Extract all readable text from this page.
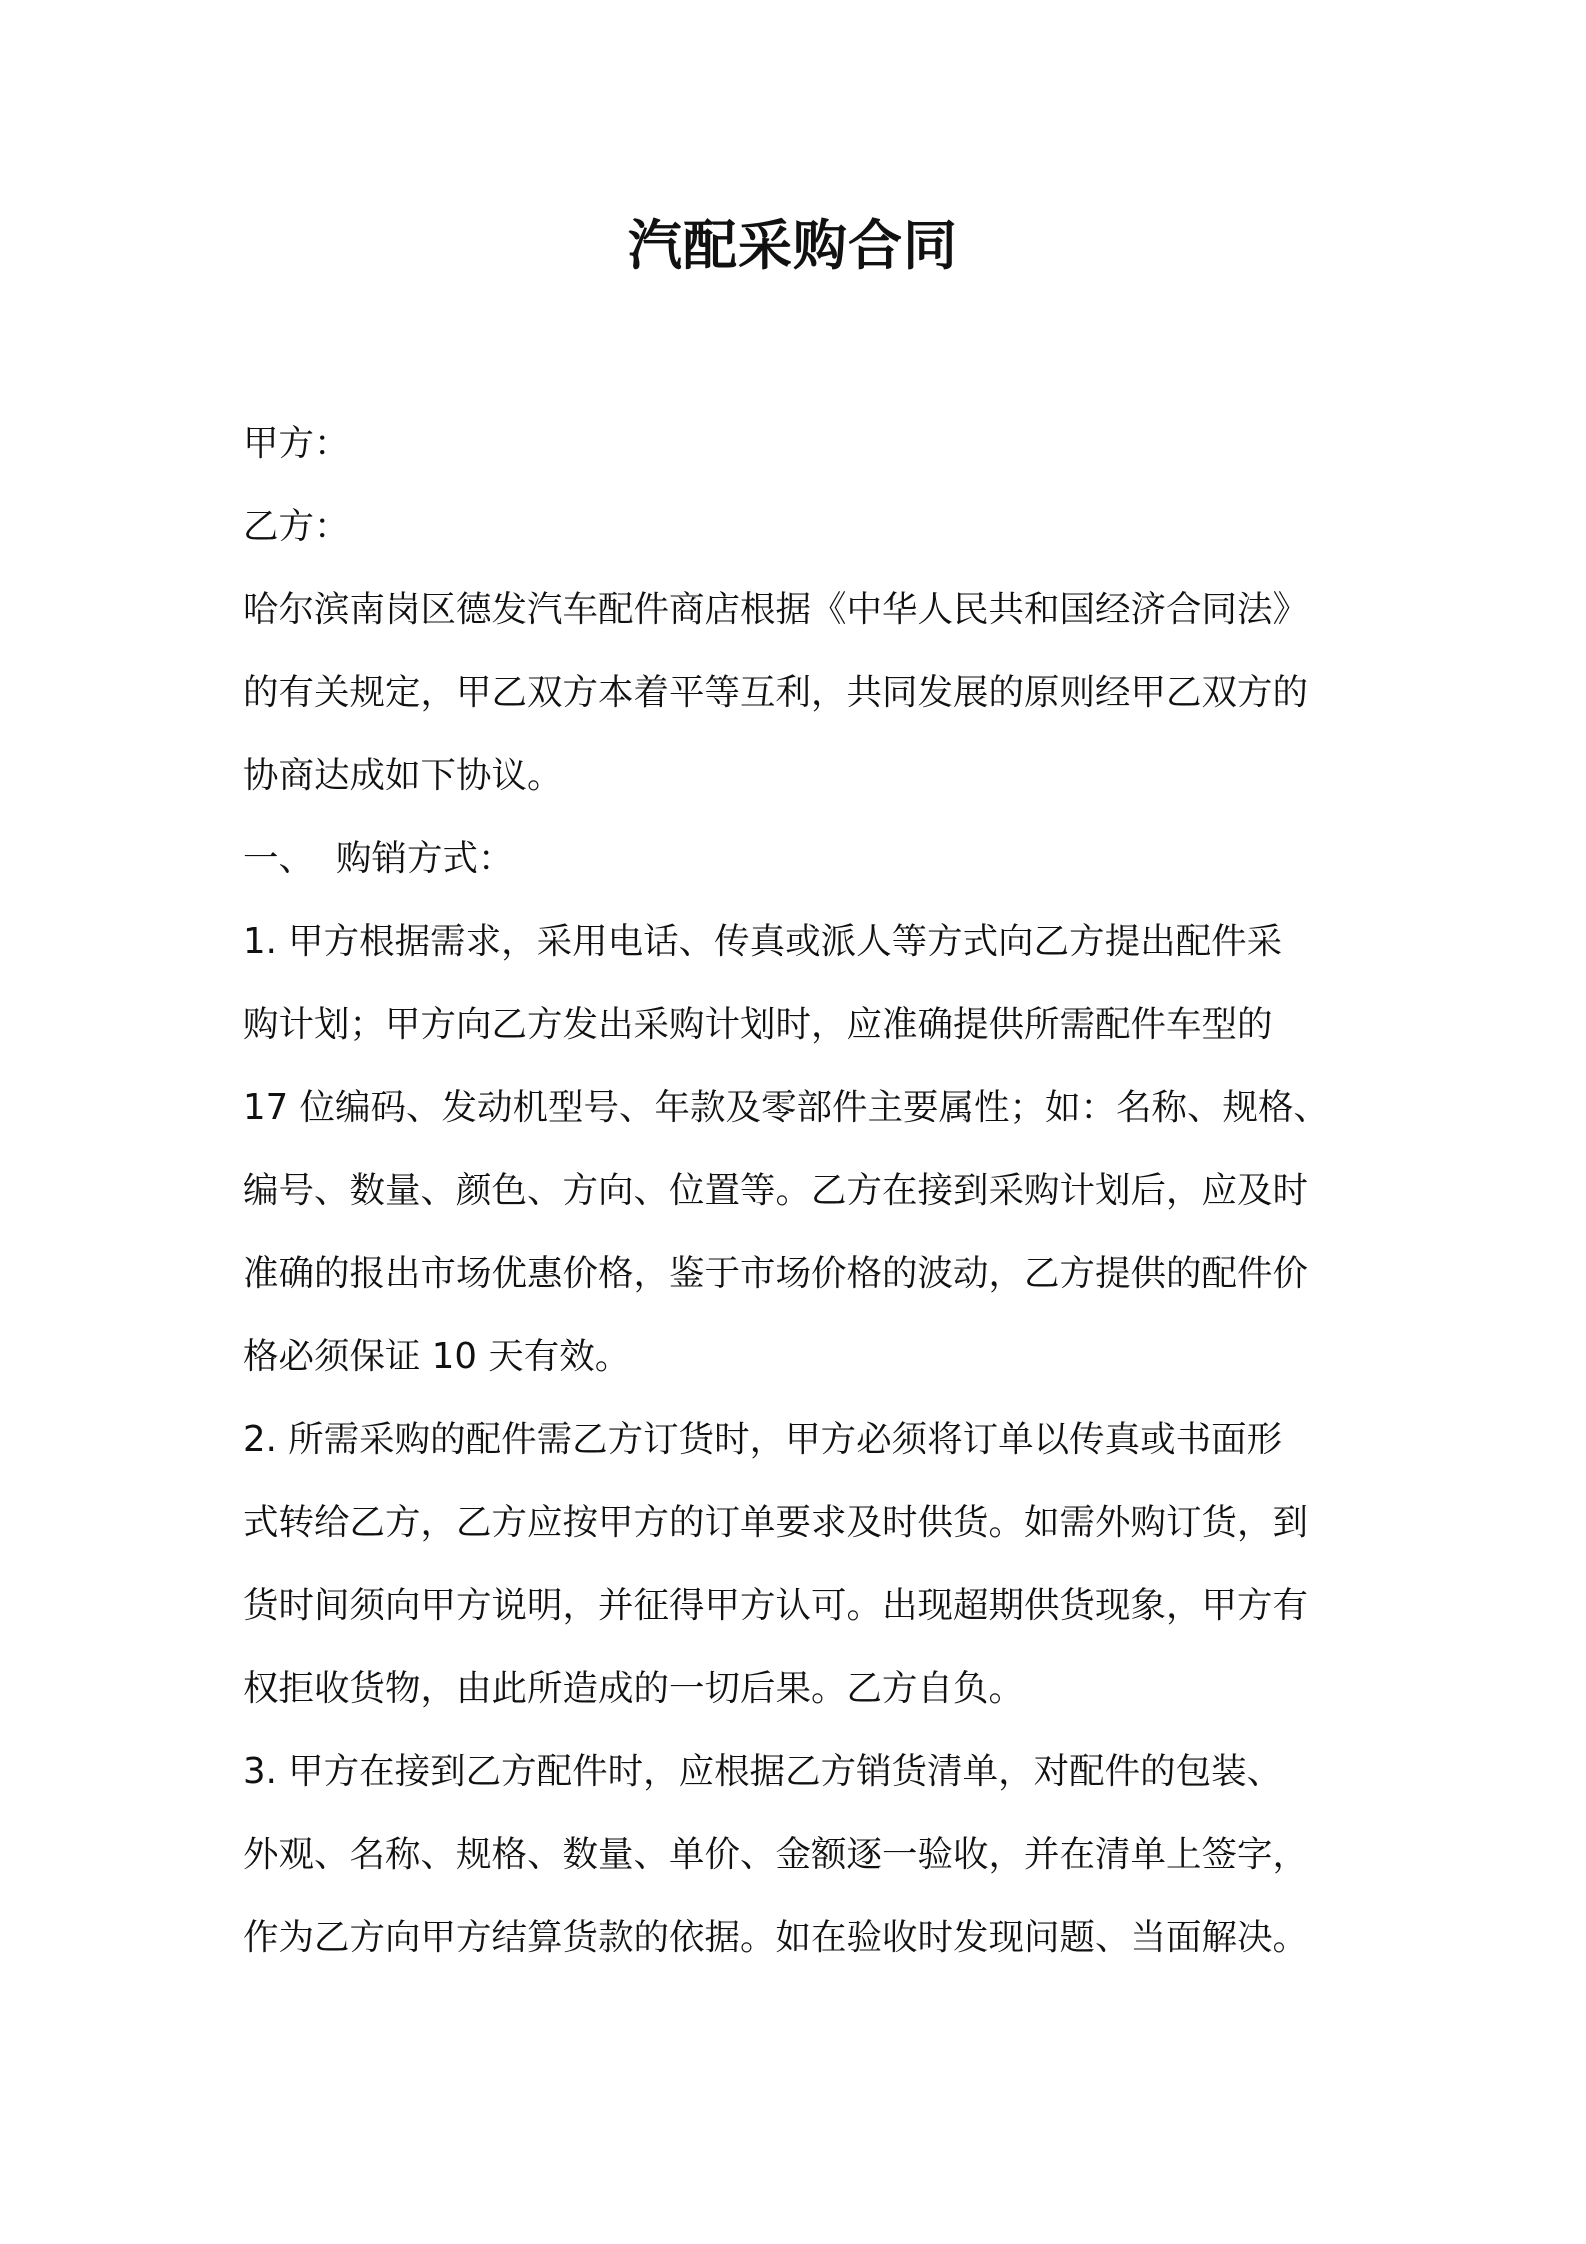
汽配采购合同
甲方：
乙方：
哈尔滨南岗区德发汽车配件商店根据《中华人民共和国经济合同法》
的有关规定，甲乙双方本着平等互利，共同发展的原则经甲乙双方的
协商达成如下协议。
一、 购销方式：
1. 甲方根据需求，采用电话、传真或派人等方式向乙方提出配件采
购计划；甲方向乙方发出采购计划时，应准确提供所需配件车型的
17 位编码、发动机型号、年款及零部件主要属性；如：名称、规格、
编号、数量、颜色、方向、位置等。乙方在接到采购计划后，应及时
准确的报出市场优惠价格，鉴于市场价格的波动，乙方提供的配件价
格必须保证 10 天有效。
2. 所需采购的配件需乙方订货时，甲方必须将订单以传真或书面形
式转给乙方，乙方应按甲方的订单要求及时供货。如需外购订货，到
货时间须向甲方说明，并征得甲方认可。出现超期供货现象，甲方有
权拒收货物，由此所造成的一切后果。乙方自负。
3. 甲方在接到乙方配件时，应根据乙方销货清单，对配件的包装、
外观、名称、规格、数量、单价、金额逐一验收，并在清单上签字，
作为乙方向甲方结算货款的依据。如在验收时发现问题、当面解决。
